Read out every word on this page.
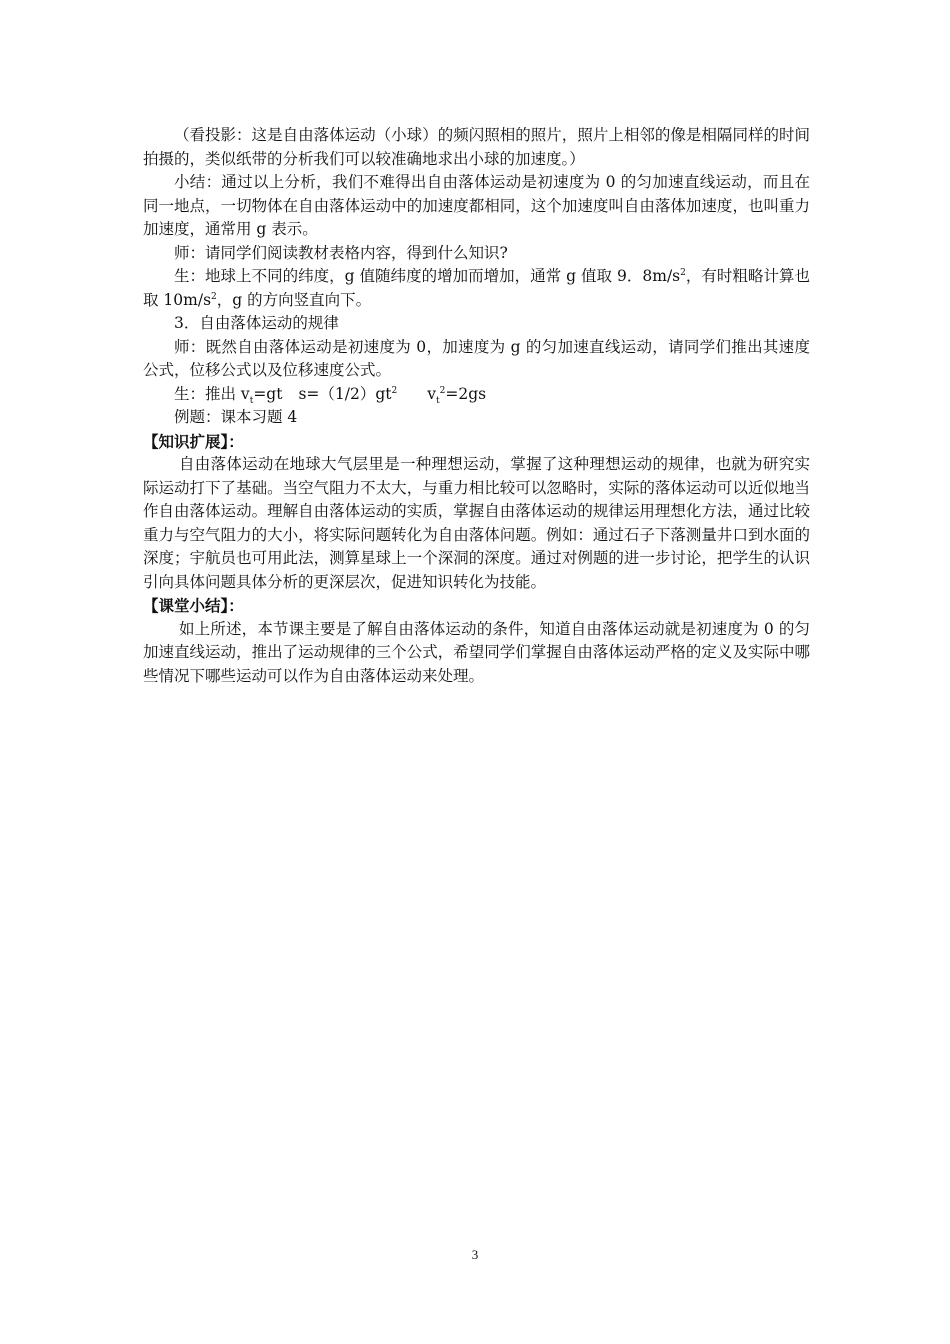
（看投影：这是自由落体运动（小球）的频闪照相的照片，照片上相邻的像是相隔同样的时间拍摄的，类似纸带的分析我们可以较准确地求出小球的加速度。）

小结：通过以上分析，我们不难得出自由落体运动是初速度为 0 的匀加速直线运动，而且在同一地点，一切物体在自由落体运动中的加速度都相同，这个加速度叫自由落体加速度，也叫重力加速度，通常用 g 表示。

师：请同学们阅读教材表格内容，得到什么知识?

生：地球上不同的纬度，g 值随纬度的增加而增加，通常 g 值取 9．$8m/s^2$，有时粗略计算也取 $10m/s^2$，g 的方向竖直向下。

3．自由落体运动的规律

师：既然自由落体运动是初速度为 0，加速度为 g 的匀加速直线运动，请同学们推出其速度公式，位移公式以及位移速度公式。

生：推出 $v_t=gt$ $s=(1/2)gt^2$ $v_t^2=2gs$

例题：课本习题 4

【知识扩展】：

自由落体运动在地球大气层里是一种理想运动，掌握了这种理想运动的规律，也就为研究实际运动打下了基础。当空气阻力不太大，与重力相比较可以忽略时，实际的落体运动可以近似地当作自由落体运动。理解自由落体运动的实质，掌握自由落体运动的规律运用理想化方法，通过比较重力与空气阻力的大小，将实际问题转化为自由落体问题。例如：通过石子下落测量井口到水面的深度；宇航员也可用此法，测算星球上一个深洞的深度。通过对例题的进一步讨论，把学生的认识引向具体问题具体分析的更深层次，促进知识转化为技能。

【课堂小结】：

如上所述，本节课主要是了解自由落体运动的条件，知道自由落体运动就是初速度为 0 的匀加速直线运动，推出了运动规律的三个公式，希望同学们掌握自由落体运动严格的定义及实际中哪些情况下哪些运动可以作为自由落体运动来处理。

3
